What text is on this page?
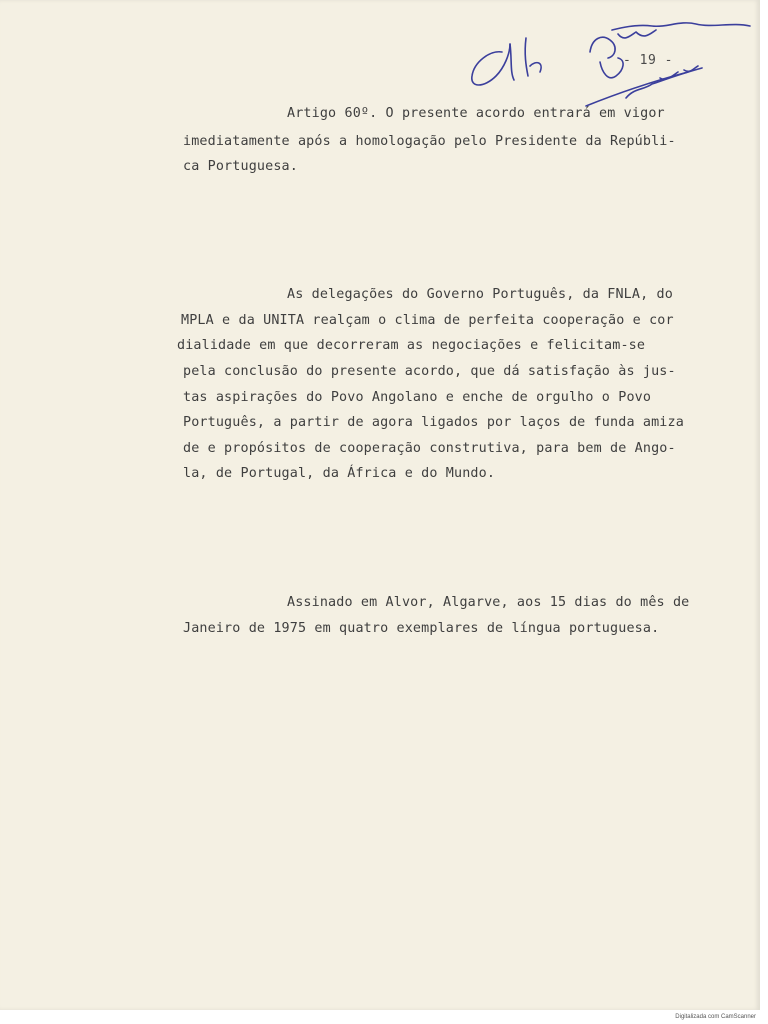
- 19 -
Artigo 60º. O presente acordo entrará em vigor
imediatamente após a homologação pelo Presidente da Repúbli-
ca Portuguesa.
As delegações do Governo Português, da FNLA, do
MPLA e da UNITA realçam o clima de perfeita cooperação e cor
dialidade em que decorreram as negociações e felicitam-se
pela conclusão do presente acordo, que dá satisfação às jus-
tas aspirações do Povo Angolano e enche de orgulho o Povo
Português, a partir de agora ligados por laços de funda amiza
de e propósitos de cooperação construtiva, para bem de Ango-
la, de Portugal, da África e do Mundo.
Assinado em Alvor, Algarve, aos 15 dias do mês de
Janeiro de 1975 em quatro exemplares de língua portuguesa.
Digitalizada com CamScanner
